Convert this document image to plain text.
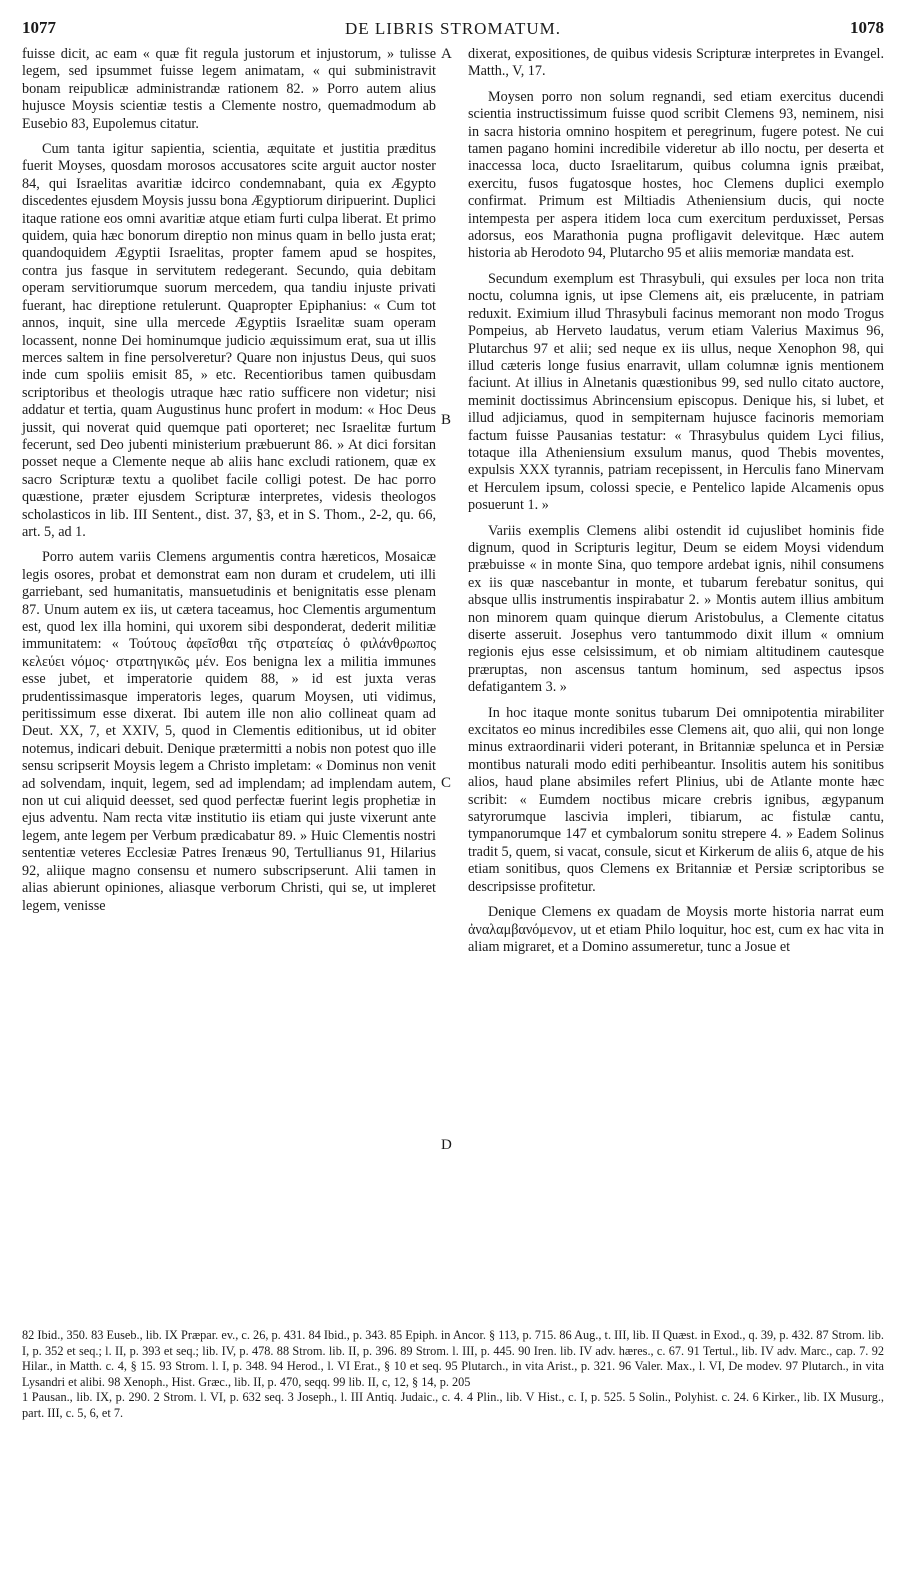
1077	DE LIBRIS STROMATUM.	1078

fuisse dicit, ac eam « quæ fit regula justorum et injustorum, » tulisse legem, sed ipsummet fuisse legem animatam, « qui subministravit bonam reipublicæ administrandæ rationem 82. » Porro autem alius hujusce Moysis scientiæ testis a Clemente nostro, quemadmodum ab Eusebio 83, Eupolemus citatur.

Cum tanta igitur sapientia, scientia, æquitate et justitia præditus fuerit Moyses, quosdam morosos accusatores scite arguit auctor noster 84, qui Israelitas avaritiæ idcirco condemnabant, quia ex Ægypto discedentes ejusdem Moysis jussu bona Ægyptiorum diripuerint. Duplici itaque ratione eos omni avaritiæ atque etiam furti culpa liberat. Et primo quidem, quia hæc bonorum direptio non minus quam in bello justa erat; quandoquidem Ægyptii Israelitas, propter famem apud se hospites, contra jus fasque in servitutem redegerant. Secundo, quia debitam operam servitiorumque suorum mercedem, qua tandiu injuste privati fuerant, hac direptione retulerunt. Quapropter Epiphanius: « Cum tot annos, inquit, sine ulla mercede Ægyptiis Israelitæ suam operam locassent, nonne Dei hominumque judicio æquissimum erat, sua ut illis merces saltem in fine persolveretur? Quare non injustus Deus, qui suos inde cum spoliis emisit 85, » etc. Recentioribus tamen quibusdam scriptoribus et theologis utraque hæc ratio sufficere non videtur; nisi addatur et tertia, quam Augustinus hunc profert in modum: « Hoc Deus jussit, qui noverat quid quemque pati oporteret; nec Israelitæ furtum fecerunt, sed Deo jubenti ministerium præbuerunt 86. » At dici forsitan posset neque a Clemente neque ab aliis hanc excludi rationem, quæ ex sacro Scripturæ textu a quolibet facile colligi potest. De hac porro quæstione, præter ejusdem Scripturæ interpretes, videsis theologos scholasticos in lib. III Sentent., dist. 37, §3, et in S. Thom., 2-2, qu. 66, art. 5, ad 1.

Porro autem variis Clemens argumentis contra hæreticos, Mosaicæ legis osores, probat et demonstrat eam non duram et crudelem, uti illi garriebant, sed humanitatis, mansuetudinis et benignitatis esse plenam 87. Unum autem ex iis, ut cætera taceamus, hoc Clementis argumentum est, quod lex illa homini, qui uxorem sibi desponderat, dederit militiæ immunitatem: « Τούτους ἀφεῖσθαι τῆς στρατείας ὁ φιλάνθρωπος κελεύει νόμος· στρατηγικῶς μέν. Eos benigna lex a militia immunes esse jubet, et imperatorie quidem 88, » id est juxta veras prudentissimasque imperatoris leges, quarum Moysen, uti vidimus, peritissimum esse dixerat. Ibi autem ille non alio collineat quam ad Deut. XX, 7, et XXIV, 5, quod in Clementis editionibus, ut id obiter notemus, indicari debuit. Denique prætermitti a nobis non potest quo ille sensu scripserit Moysis legem a Christo impletam: « Dominus non venit ad solvendam, inquit, legem, sed ad implendam; ad implendam autem, non ut cui aliquid deesset, sed quod perfectæ fuerint legis prophetiæ in ejus adventu. Nam recta vitæ institutio iis etiam qui juste vixerunt ante legem, ante legem per Verbum prædicabatur 89. » Huic Clementis nostri sententiæ veteres Ecclesiæ Patres Irenæus 90, Tertullianus 91, Hilarius 92, aliique magno consensu et numero subscripserunt. Alii tamen in alias abierunt opiniones, aliasque verborum Christi, qui se, ut impleret legem, venisse

A
B
C
D

dixerat, expositiones, de quibus videsis Scripturæ interpretes in Evangel. Matth., V, 17.

Moysen porro non solum regnandi, sed etiam exercitus ducendi scientia instructissimum fuisse quod scribit Clemens 93, neminem, nisi in sacra historia omnino hospitem et peregrinum, fugere potest. Ne cui tamen pagano homini incredibile videretur ab illo noctu, per deserta et inaccessa loca, ducto Israelitarum, quibus columna ignis præibat, exercitu, fusos fugatosque hostes, hoc Clemens duplici exemplo confirmat. Primum est Miltiadis Atheniensium ducis, qui nocte intempesta per aspera itidem loca cum exercitum perduxisset, Persas adorsus, eos Marathonia pugna profligavit delevitque. Hæc autem historia ab Herodoto 94, Plutarcho 95 et aliis memoriæ mandata est.

Secundum exemplum est Thrasybuli, qui exsules per loca non trita noctu, columna ignis, ut ipse Clemens ait, eis prælucente, in patriam reduxit. Eximium illud Thrasybuli facinus memorant non modo Trogus Pompeius, ab Herveto laudatus, verum etiam Valerius Maximus 96, Plutarchus 97 et alii; sed neque ex iis ullus, neque Xenophon 98, qui illud cæteris longe fusius enarravit, ullam columnæ ignis mentionem faciunt. At illius in Alnetanis quæstionibus 99, sed nullo citato auctore, meminit doctissimus Abrincensium episcopus. Denique his, si lubet, et illud adjiciamus, quod in sempiternam hujusce facinoris memoriam factum fuisse Pausanias testatur: « Thrasybulus quidem Lyci filius, totaque illa Atheniensium exsulum manus, quod Thebis moventes, expulsis XXX tyrannis, patriam recepissent, in Herculis fano Minervam et Herculem ipsum, colossi specie, e Pentelico lapide Alcamenis opus posuerunt 1. »

Variis exemplis Clemens alibi ostendit id cujuslibet hominis fide dignum, quod in Scripturis legitur, Deum se eidem Moysi videndum præbuisse « in monte Sina, quo tempore ardebat ignis, nihil consumens ex iis quæ nascebantur in monte, et tubarum ferebatur sonitus, qui absque ullis instrumentis inspirabatur 2. » Montis autem illius ambitum non minorem quam quinque dierum Aristobulus, a Clemente citatus diserte asseruit. Josephus vero tantummodo dixit illum « omnium regionis ejus esse celsissimum, et ob nimiam altitudinem cautesque præruptas, non ascensus tantum hominum, sed aspectus ipsos defatigantem 3. »

In hoc itaque monte sonitus tubarum Dei omnipotentia mirabiliter excitatos eo minus incredibiles esse Clemens ait, quo alii, qui non longe minus extraordinarii videri poterant, in Britanniæ spelunca et in Persiæ montibus naturali modo editi perhibeantur. Insolitis autem his sonitibus alios, haud plane absimiles refert Plinius, ubi de Atlante monte hæc scribit: « Eumdem noctibus micare crebris ignibus, ægypanum satyrorumque lascivia impleri, tibiarum, ac fistulæ cantu, tympanorumque 147 et cymbalorum sonitu strepere 4. » Eadem Solinus tradit 5, quem, si vacat, consule, sicut et Kirkerum de aliis 6, atque de his etiam sonitibus, quos Clemens ex Britanniæ et Persiæ scriptoribus se descripsisse profitetur.

Denique Clemens ex quadam de Moysis morte historia narrat eum ἀναλαμβανόμενον, ut et etiam Philo loquitur, hoc est, cum ex hac vita in aliam migraret, et a Domino assumeretur, tunc a Josue et

82 Ibid., 350. 83 Euseb., lib. IX Præpar. ev., c. 26, p. 431. 84 Ibid., p. 343. 85 Epiph. in Ancor. § 113, p. 715. 86 Aug., t. III, lib. II Quæst. in Exod., q. 39, p. 432. 87 Strom. lib. I, p. 352 et seq.; l. II, p. 393 et seq.; lib. IV, p. 478. 88 Strom. lib. II, p. 396. 89 Strom. l. III, p. 445. 90 Iren. lib. IV adv. hæres., c. 67. 91 Tertul., lib. IV adv. Marc., cap. 7. 92 Hilar., in Matth. c. 4, § 15. 93 Strom. l. I, p. 348. 94 Herod., l. VI Erat., § 10 et seq. 95 Plutarch., in vita Arist., p. 321. 96 Valer. Max., l. VI, De modev. 97 Plutarch., in vita Lysandri et alibi. 98 Xenoph., Hist. Græc., lib. II, p. 470, seqq. 99 lib. II, c, 12, § 14, p. 205

1 Pausan., lib. IX, p. 290. 2 Strom. l. VI, p. 632 seq. 3 Joseph., l. III Antiq. Judaic., c. 4. 4 Plin., lib. V Hist., c. I, p. 525. 5 Solin., Polyhist. c. 24. 6 Kirker., lib. IX Musurg., part. III, c. 5, 6, et 7.
